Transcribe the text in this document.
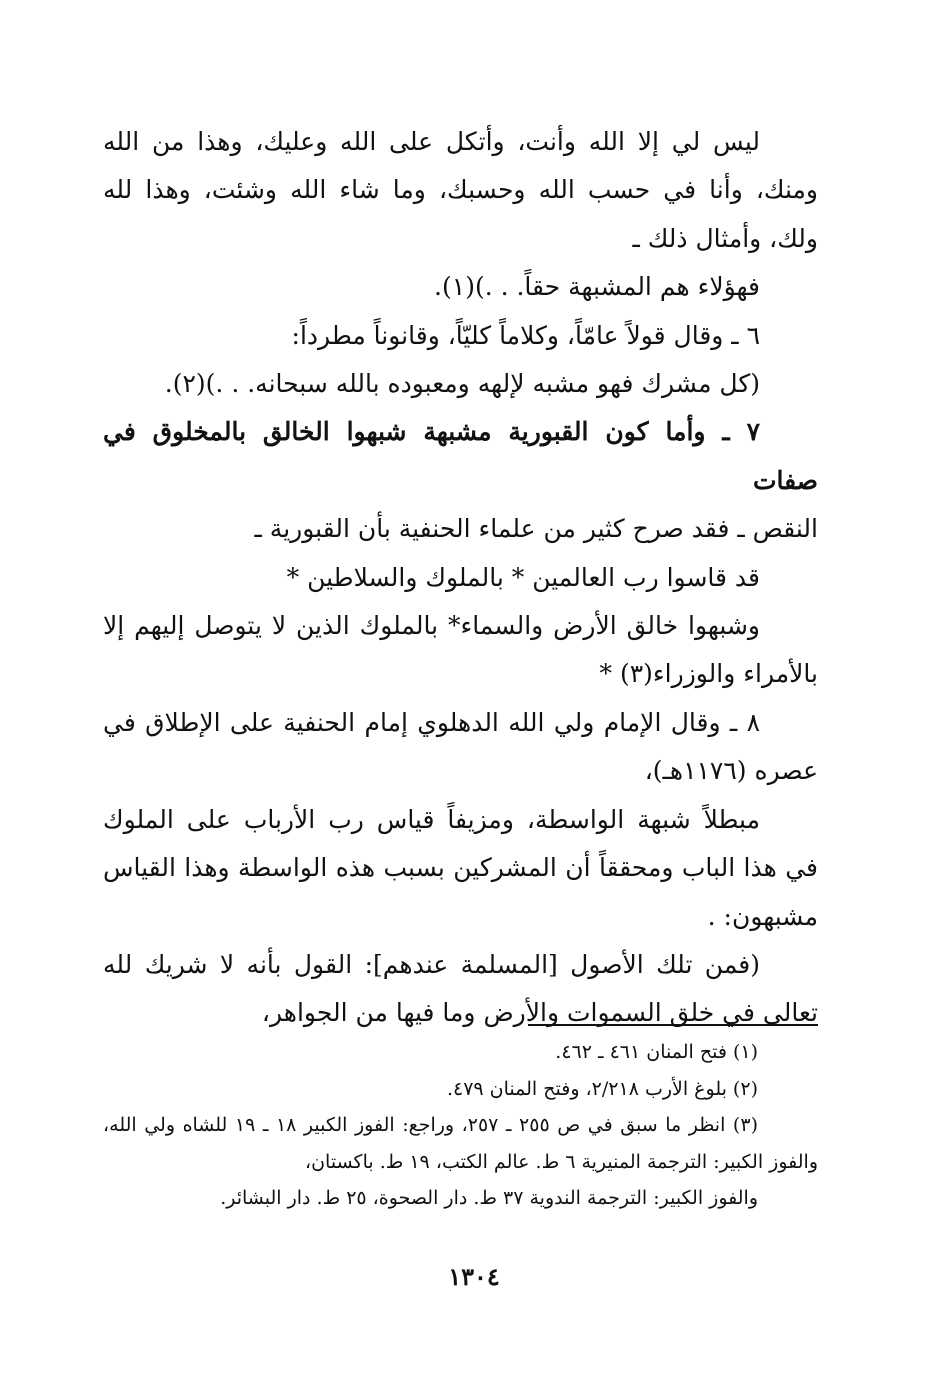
ليس لي إلا الله وأنت، وأتكل على الله وعليك، وهذا من الله ومنك، وأنا في حسب الله وحسبك، وما شاء الله وشئت، وهذا لله ولك، وأمثال ذلك ـ

فهؤلاء هم المشبهة حقاً. . .)(١).

٦ ـ وقال قولاً عامّاً، وكلاماً كليّاً، وقانوناً مطرداً:

(كل مشرك فهو مشبه لإلهه ومعبوده بالله سبحانه. . .)(٢).

٧ ـ وأما كون القبورية مشبهة شبهوا الخالق بالمخلوق في صفات

النقص ـ فقد صرح كثير من علماء الحنفية بأن القبورية ـ

قد قاسوا رب العالمين * بالملوك والسلاطين *

وشبهوا خالق الأرض والسماء* بالملوك الذين لا يتوصل إليهم إلا بالأمراء والوزراء(٣) *

٨ ـ وقال الإمام ولي الله الدهلوي إمام الحنفية على الإطلاق في عصره (١١٧٦هـ)،

مبطلاً شبهة الواسطة، ومزيفاً قياس رب الأرباب على الملوك في هذا الباب ومحققاً أن المشركين بسبب هذه الواسطة وهذا القياس مشبهون: .

(فمن تلك الأصول [المسلمة عندهم]: القول بأنه لا شريك لله تعالى في خلق السموات والأرض وما فيها من الجواهر،

(١) فتح المنان ٤٦١ ـ ٤٦٢.

(٢) بلوغ الأرب ٢/٢١٨، وفتح المنان ٤٧٩.

(٣) انظر ما سبق في ص ٢٥٥ ـ ٢٥٧، وراجع: الفوز الكبير ١٨ ـ ١٩ للشاه ولي الله، والفوز الكبير: الترجمة المنيرية ٦ ط. عالم الكتب، ١٩ ط. باكستان،

والفوز الكبير: الترجمة الندوية ٣٧ ط. دار الصحوة، ٢٥ ط. دار البشائر.

١٣٠٤
